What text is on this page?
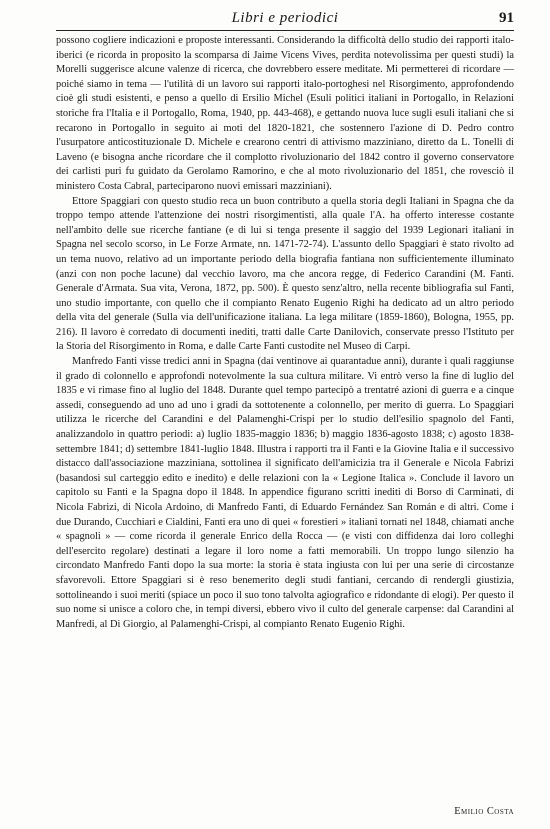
Libri e periodici	91

possono cogliere indicazioni e proposte interessanti. Considerando la difficoltà dello studio dei rapporti italo-iberici (e ricorda in proposito la scomparsa di Jaime Vicens Vives, perdita notevolissima per questi studi) la Morelli suggerisce alcune valenze di ricerca, che dovrebbero essere meditate. Mi permetterei di ricordare — poiché siamo in tema — l'utilità di un lavoro sui rapporti italo-portoghesi nel Risorgimento, approfondendo cioè gli studi esistenti, e penso a quello di Ersilio Michel (Esuli politici italiani in Portogallo, in Relazioni storiche fra l'Italia e il Portogallo, Roma, 1940, pp. 443-468), e gettando nuova luce sugli esuli italiani che si recarono in Portogallo in seguito ai moti del 1820-1821, che sostennero l'azione di D. Pedro contro l'usurpatore anticostituzionale D. Michele e crearono centri di attivismo mazziniano, diretto da L. Tonelli di Laveno (e bisogna anche ricordare che il complotto rivoluzionario del 1842 contro il governo conservatore dei carlisti puri fu guidato da Gerolamo Ramorino, e che al moto rivoluzionario del 1851, che rovesciò il ministero Costa Cabral, parteciparono nuovi emissari mazziniani).

Ettore Spaggiari con questo studio reca un buon contributo a quella storia degli Italiani in Spagna che da troppo tempo attende l'attenzione dei nostri risorgimentisti, alla quale l'A. ha offerto interesse costante nell'ambito delle sue ricerche fantiane (e di lui si tenga presente il saggio del 1939 Legionari italiani in Spagna nel secolo scorso, in Le Forze Armate, nn. 1471-72-74). L'assunto dello Spaggiari è stato rivolto ad un tema nuovo, relativo ad un importante periodo della biografia fantiana non sufficientemente illuminato (anzi con non poche lacune) dal vecchio lavoro, ma che ancora regge, di Federico Carandini (M. Fanti. Generale d'Armata. Sua vita, Verona, 1872, pp. 500). È questo senz'altro, nella recente bibliografia sul Fanti, uno studio importante, con quello che il compianto Renato Eugenio Righi ha dedicato ad un altro periodo della vita del generale (Sulla via dell'unificazione italiana. La lega militare (1859-1860), Bologna, 1955, pp. 216). Il lavoro è corredato di documenti inediti, tratti dalle Carte Danilovich, conservate presso l'Istituto per la Storia del Risorgimento in Roma, e dalle Carte Fanti custodite nel Museo di Carpi.

Manfredo Fanti visse tredici anni in Spagna (dai ventinove ai quarantadue anni), durante i quali raggiunse il grado di colonnello e approfondì notevolmente la sua cultura militare. Vi entrò verso la fine di luglio del 1835 e vi rimase fino al luglio del 1848. Durante quel tempo partecipò a trentatré azioni di guerra e a cinque assedi, conseguendo ad uno ad uno i gradi da sottotenente a colonnello, per merito di guerra. Lo Spaggiari utilizza le ricerche del Carandini e del Palamenghi-Crispi per lo studio dell'esilio spagnolo del Fanti, analizzandolo in quattro periodi: a) luglio 1835-maggio 1836; b) maggio 1836-agosto 1838; c) agosto 1838-settembre 1841; d) settembre 1841-luglio 1848. Illustra i rapporti tra il Fanti e la Giovine Italia e il successivo distacco dall'associazione mazziniana, sottolinea il significato dell'amicizia tra il Generale e Nicola Fabrizi (basandosi sul carteggio edito e inedito) e delle relazioni con la « Legione Italica ». Conclude il lavoro un capitolo su Fanti e la Spagna dopo il 1848. In appendice figurano scritti inediti di Borso di Carminati, di Nicola Fabrizi, di Nicola Ardoino, di Manfredo Fanti, di Eduardo Fernández San Román e di altri. Come i due Durando, Cucchiari e Cialdini, Fanti era uno di quei « forestieri » italiani tornati nel 1848, chiamati anche « spagnoli » — come ricorda il generale Enrico della Rocca — (e visti con diffidenza dai loro colleghi dell'esercito regolare) destinati a legare il loro nome a fatti memorabili. Un troppo lungo silenzio ha circondato Manfredo Fanti dopo la sua morte: la storia è stata ingiusta con lui per una serie di circostanze sfavorevoli. Ettore Spaggiari si è reso benemerito degli studi fantiani, cercando di rendergli giustizia, sottolineando i suoi meriti (spiace un poco il suo tono talvolta agiografico e ridondante di elogi). Per questo il suo nome si unisce a coloro che, in tempi diversi, ebbero vivo il culto del generale carpense: dal Carandini al Manfredi, al Di Giorgio, al Palamenghi-Crispi, al compianto Renato Eugenio Righi.

Emilio Costa
